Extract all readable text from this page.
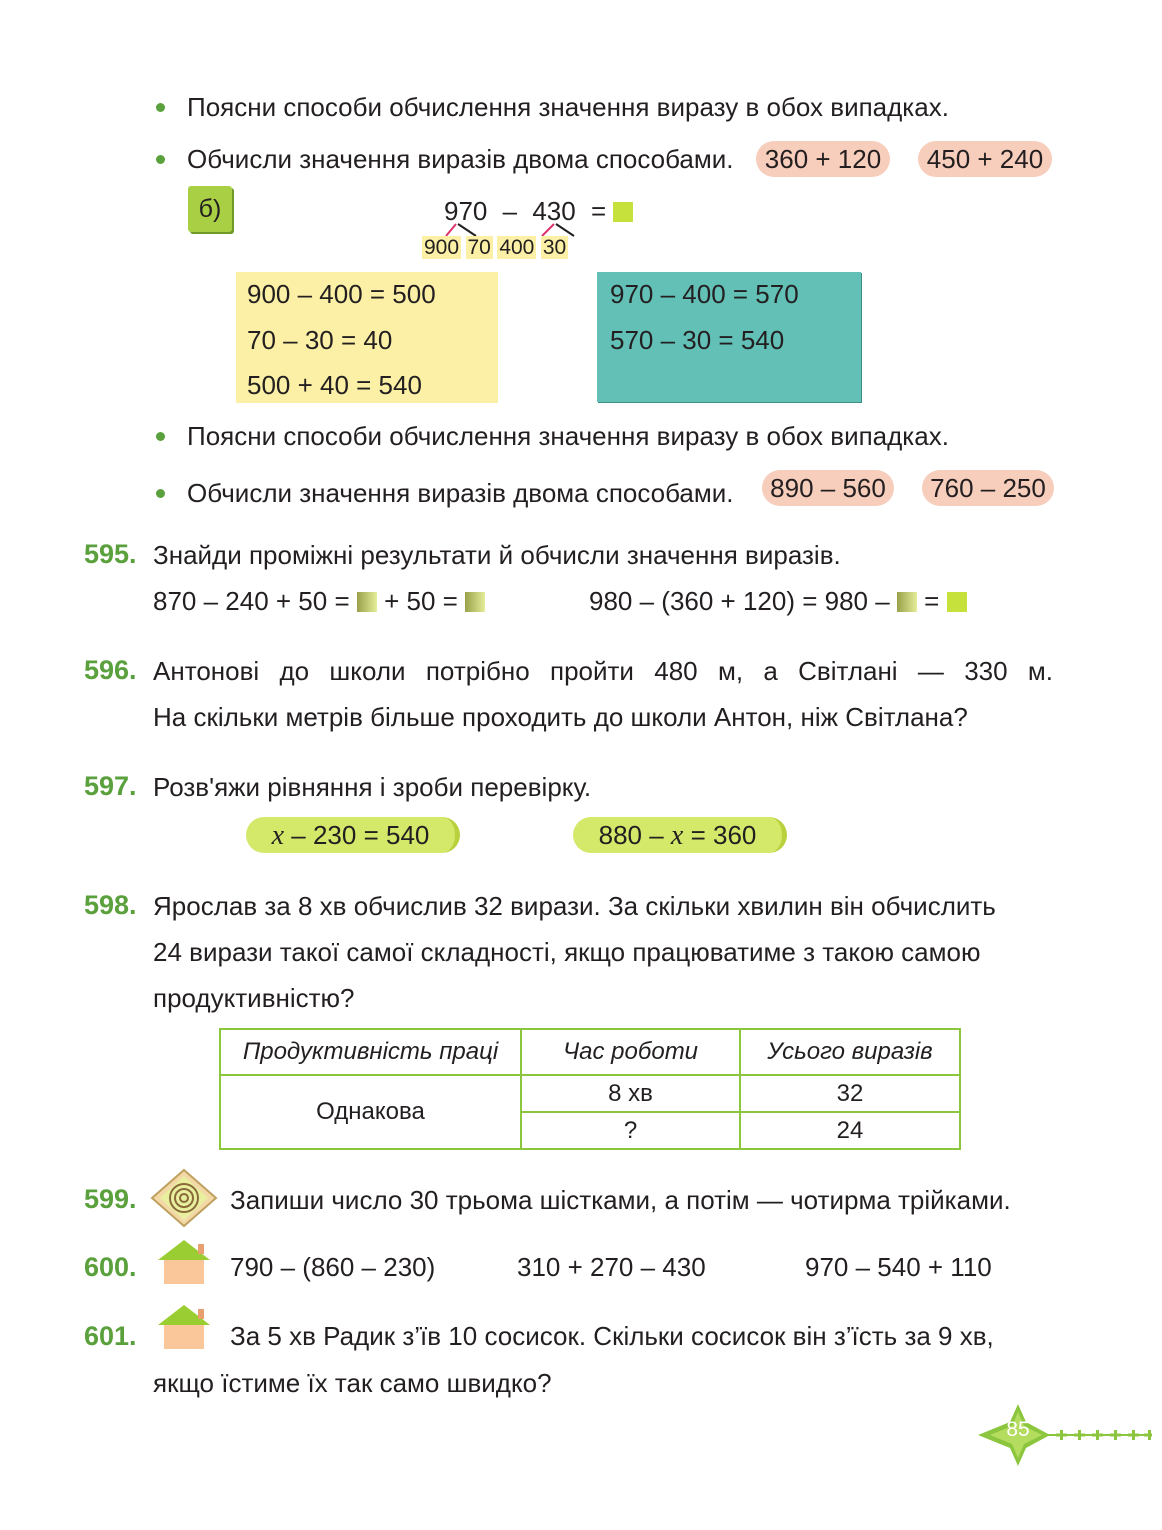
Поясни способи обчислення значення виразу в обох випадках.
Обчисли значення виразів двома способами.	360 + 120	450 + 240
б)	970 – 430 =
900 70 400 30
900 – 400 = 500
70 – 30 = 40
500 + 40 = 540
970 – 400 = 570
570 – 30 = 540
Поясни способи обчислення значення виразу в обох випадках.
Обчисли значення виразів двома способами.	890 – 560	760 – 250
595. Знайди проміжні результати й обчисли значення виразів.
870 – 240 + 50 = + 50 =	980 – (360 + 120) = 980 – =
596. Антонові до школи потрібно пройти 480 м, а Світлані — 330 м.
На скільки метрів більше проходить до школи Антон, ніж Світлана?
597. Розв'яжи рівняння і зроби перевірку.
x – 230 = 540	880 – x = 360
598. Ярослав за 8 хв обчислив 32 вирази. За скільки хвилин він обчислить
24 вирази такої самої складності, якщо працюватиме з такою самою
продуктивністю?
Продуктивність праці	Час роботи	Усього виразів
Однакова	8 хв	32
	?	24
599.	Запиши число 30 трьома шістками, а потім — чотирма трійками.
600.	790 – (860 – 230)	310 + 270 – 430	970 – 540 + 110
601.	За 5 хв Радик з’їв 10 сосисок. Скільки сосисок він з’їсть за 9 хв,
якщо їстиме їх так само швидко?
85
